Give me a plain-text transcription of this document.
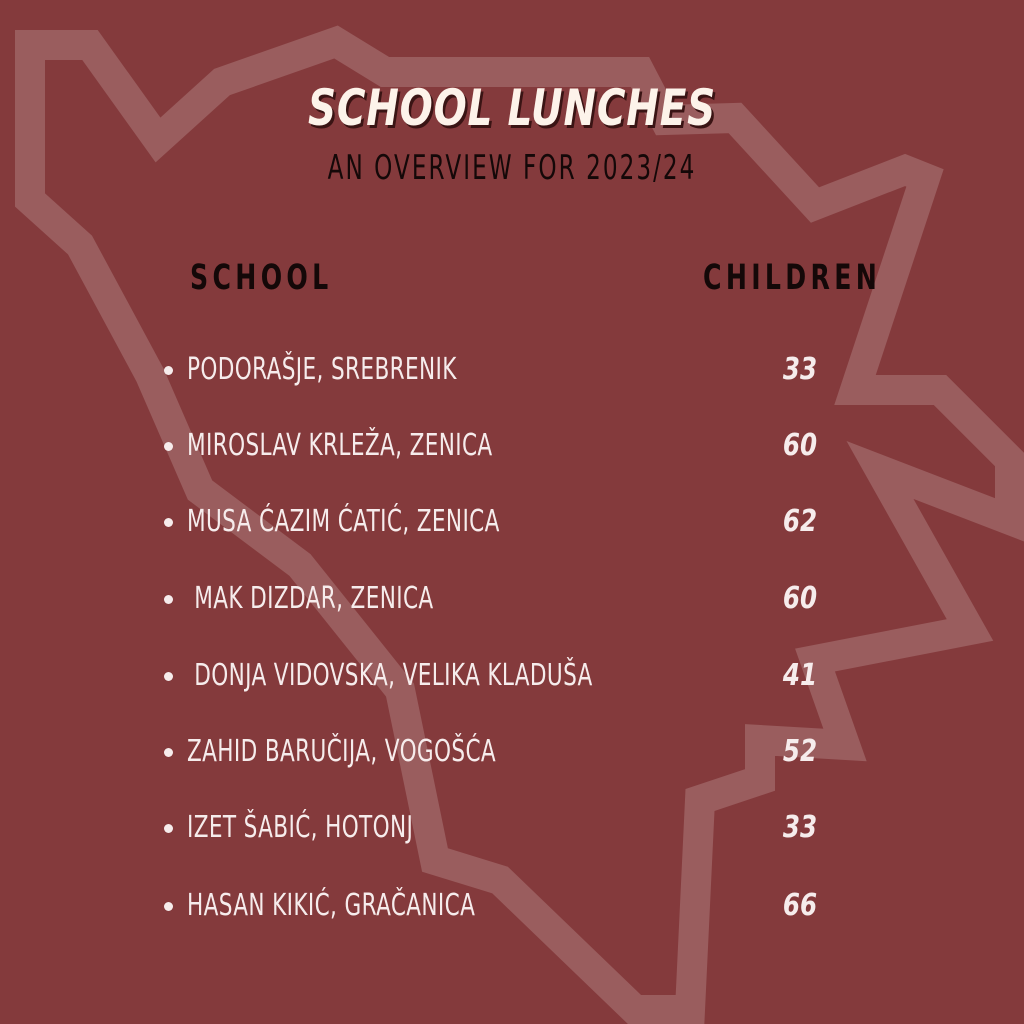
SCHOOL LUNCHES
AN OVERVIEW FOR 2023/24
SCHOOL	CHILDREN
PODORAŠJE, SREBRENIK	33
MIROSLAV KRLEŽA, ZENICA	60
MUSA ĆAZIM ĆATIĆ, ZENICA	62
MAK DIZDAR, ZENICA	60
DONJA VIDOVSKA, VELIKA KLADUŠA	41
ZAHID BARUČIJA, VOGOŠĆA	52
IZET ŠABIĆ, HOTONJ	33
HASAN KIKIĆ, GRAČANICA	66
